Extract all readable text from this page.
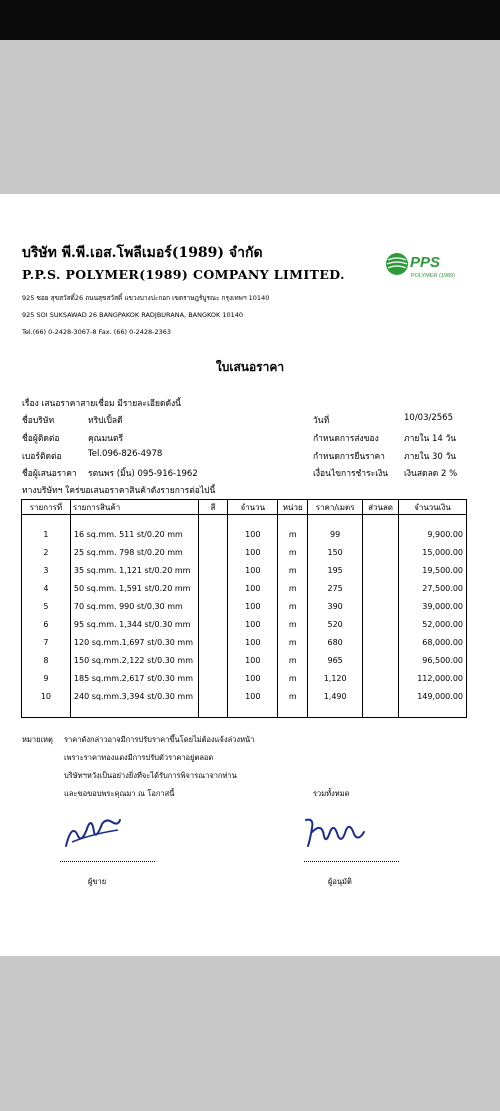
บริษัท พี.พี.เอส.โพลีเมอร์(1989) จำกัด
P.P.S. POLYMER(1989) COMPANY LIMITED.
925 ซอย สุขสวัสดิ์26 ถนนสุขสวัสดิ์ แขวงบางปะกอก เขตราษฎร์บูรณะ กรุงเทพฯ 10140
925 SOI SUKSAWAD 26 BANGPAKOK RADJBURANA, BANGKOK 10140
Tel.(66) 0-2428-3067-8 Fax. (66) 0-2428-2363
PPS
POLYMER (1989)
ใบเสนอราคา
เรื่อง เสนอราคาสายเชื่อม มีรายละเอียดดังนี้
ชื่อบริษัท	ทริปเปิ้ลดี
ชื่อผู้ติดต่อ	คุณมนตรี
เบอร์ติดต่อ	Tel.096-826-4978
ชื่อผู้เสนอราคา รตนพร (มิ้น) 095-916-1962
วันที่	10/03/2565
กำหนดการส่งของ	ภายใน 14 วัน
กำหนดการยืนราคา ภายใน 30 วัน
เงื่อนไขการชำระเงิน เงินสดลด 2 %
ทางบริษัทฯ ใคร่ขอเสนอราคาสินค้าดังรายการต่อไปนี้
รายการที่	รายการสินค้า	สี	จำนวน	หน่วย	ราคา/เมตร	ส่วนลด	จำนวนเงิน

1	16 sq.mm. 511 st/0.20 mm		100	m	99		9,900.00
2	25 sq.mm. 798 st/0.20 mm		100	m	150		15,000.00
3	35 sq.mm. 1,121 st/0.20 mm		100	m	195		19,500.00
4	50 sq.mm. 1,591 st/0.20 mm		100	m	275		27,500.00
5	70 sq.mm. 990 st/0.30 mm		100	m	390		39,000.00
6	95 sq.mm. 1,344 st/0.30 mm		100	m	520		52,000.00
7	120 sq.mm.1,697 st/0.30 mm		100	m	680		68,000.00
8	150 sq.mm.2,122 st/0.30 mm		100	m	965		96,500.00
9	185 sq.mm.2,617 st/0.30 mm		100	m	1,120		112,000.00
10	240 sq.mm.3,394 st/0.30 mm		100	m	1,490		149,000.00

หมายเหตุ ราคาดังกล่าวอาจมีการปรับราคาขึ้นโดยไม่ต้องแจ้งล่วงหน้า
เพราะราคาทองแดงมีการปรับตัวราคาอยู่ตลอด
บริษัทฯหวังเป็นอย่างยิ่งที่จะได้รับการพิจารณาจากท่าน
และขอขอบพระคุณมา ณ โอกาสนี้	รวมทั้งหมด
ผู้ขาย	ผู้อนุมัติ
